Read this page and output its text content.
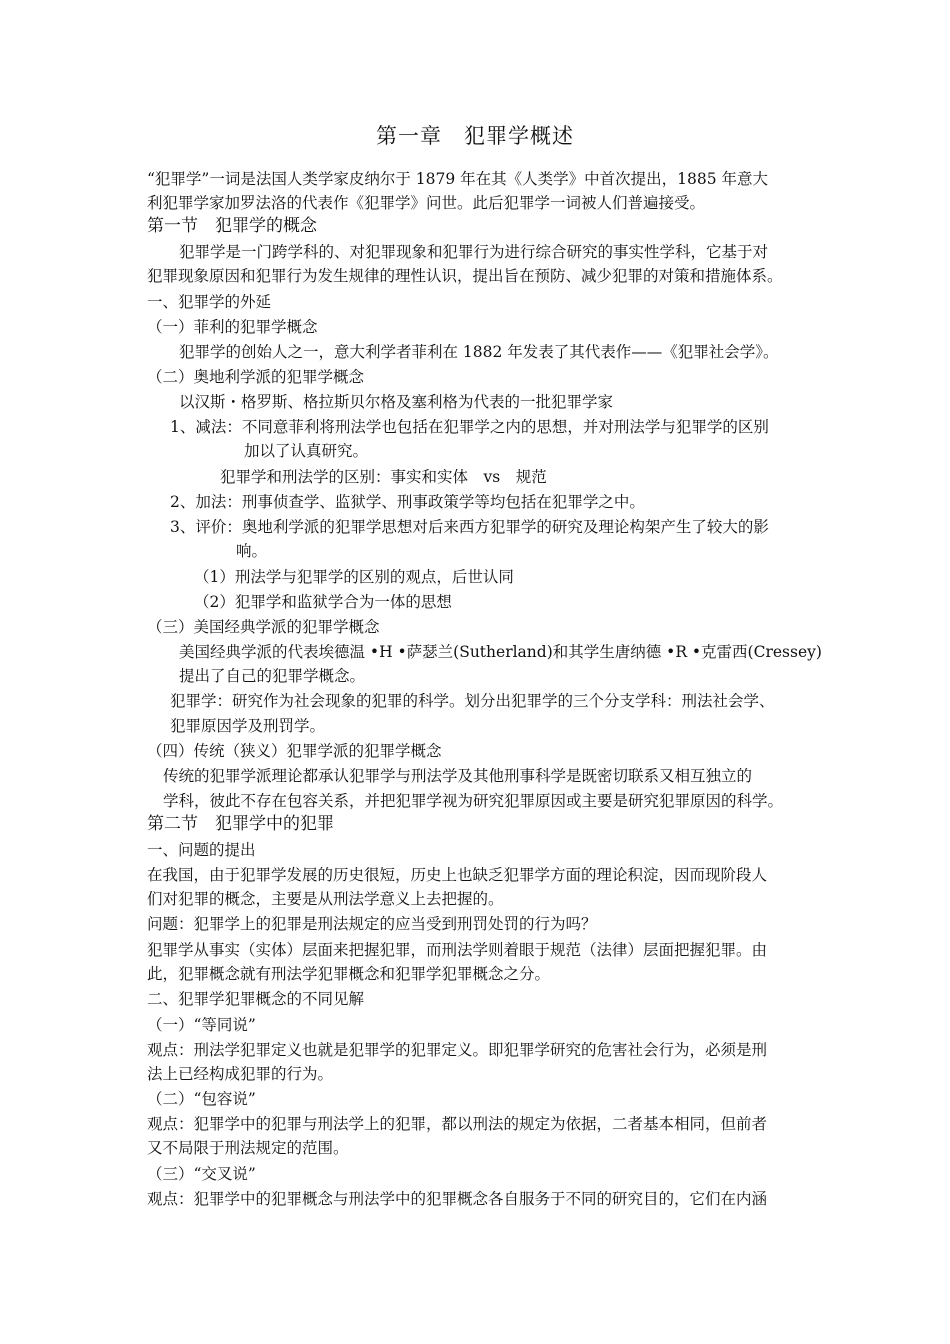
第一章　犯罪学概述
“犯罪学”一词是法国人类学家皮纳尔于 1879 年在其《人类学》中首次提出，1885 年意大
利犯罪学家加罗法洛的代表作《犯罪学》问世。此后犯罪学一词被人们普遍接受。
第一节　犯罪学的概念
犯罪学是一门跨学科的、对犯罪现象和犯罪行为进行综合研究的事实性学科，它基于对
犯罪现象原因和犯罪行为发生规律的理性认识，提出旨在预防、减少犯罪的对策和措施体系。
一、犯罪学的外延
（一）菲利的犯罪学概念
犯罪学的创始人之一，意大利学者菲利在 1882 年发表了其代表作——《犯罪社会学》。
（二）奥地利学派的犯罪学概念
以汉斯・格罗斯、格拉斯贝尔格及塞利格为代表的一批犯罪学家
1、减法：不同意菲利将刑法学也包括在犯罪学之内的思想，并对刑法学与犯罪学的区别
加以了认真研究。
犯罪学和刑法学的区别：事实和实体　vs　规范
2、加法：刑事侦查学、监狱学、刑事政策学等均包括在犯罪学之中。
3、评价：奥地利学派的犯罪学思想对后来西方犯罪学的研究及理论构架产生了较大的影
响。
（1）刑法学与犯罪学的区别的观点，后世认同
（2）犯罪学和监狱学合为一体的思想
（三）美国经典学派的犯罪学概念
美国经典学派的代表埃德温 •H •萨瑟兰(Sutherland)和其学生唐纳德 •R •克雷西(Cressey)
提出了自己的犯罪学概念。
犯罪学：研究作为社会现象的犯罪的科学。划分出犯罪学的三个分支学科：刑法社会学、
犯罪原因学及刑罚学。
（四）传统（狭义）犯罪学派的犯罪学概念
传统的犯罪学派理论都承认犯罪学与刑法学及其他刑事科学是既密切联系又相互独立的
学科，彼此不存在包容关系，并把犯罪学视为研究犯罪原因或主要是研究犯罪原因的科学。
第二节　犯罪学中的犯罪
一、问题的提出
在我国，由于犯罪学发展的历史很短，历史上也缺乏犯罪学方面的理论积淀，因而现阶段人
们对犯罪的概念，主要是从刑法学意义上去把握的。
问题：犯罪学上的犯罪是刑法规定的应当受到刑罚处罚的行为吗？
犯罪学从事实（实体）层面来把握犯罪，而刑法学则着眼于规范（法律）层面把握犯罪。由
此，犯罪概念就有刑法学犯罪概念和犯罪学犯罪概念之分。
二、犯罪学犯罪概念的不同见解
（一）“等同说”
观点：刑法学犯罪定义也就是犯罪学的犯罪定义。即犯罪学研究的危害社会行为，必须是刑
法上已经构成犯罪的行为。
（二）“包容说”
观点：犯罪学中的犯罪与刑法学上的犯罪，都以刑法的规定为依据，二者基本相同，但前者
又不局限于刑法规定的范围。
（三）“交叉说”
观点：犯罪学中的犯罪概念与刑法学中的犯罪概念各自服务于不同的研究目的，它们在内涵
